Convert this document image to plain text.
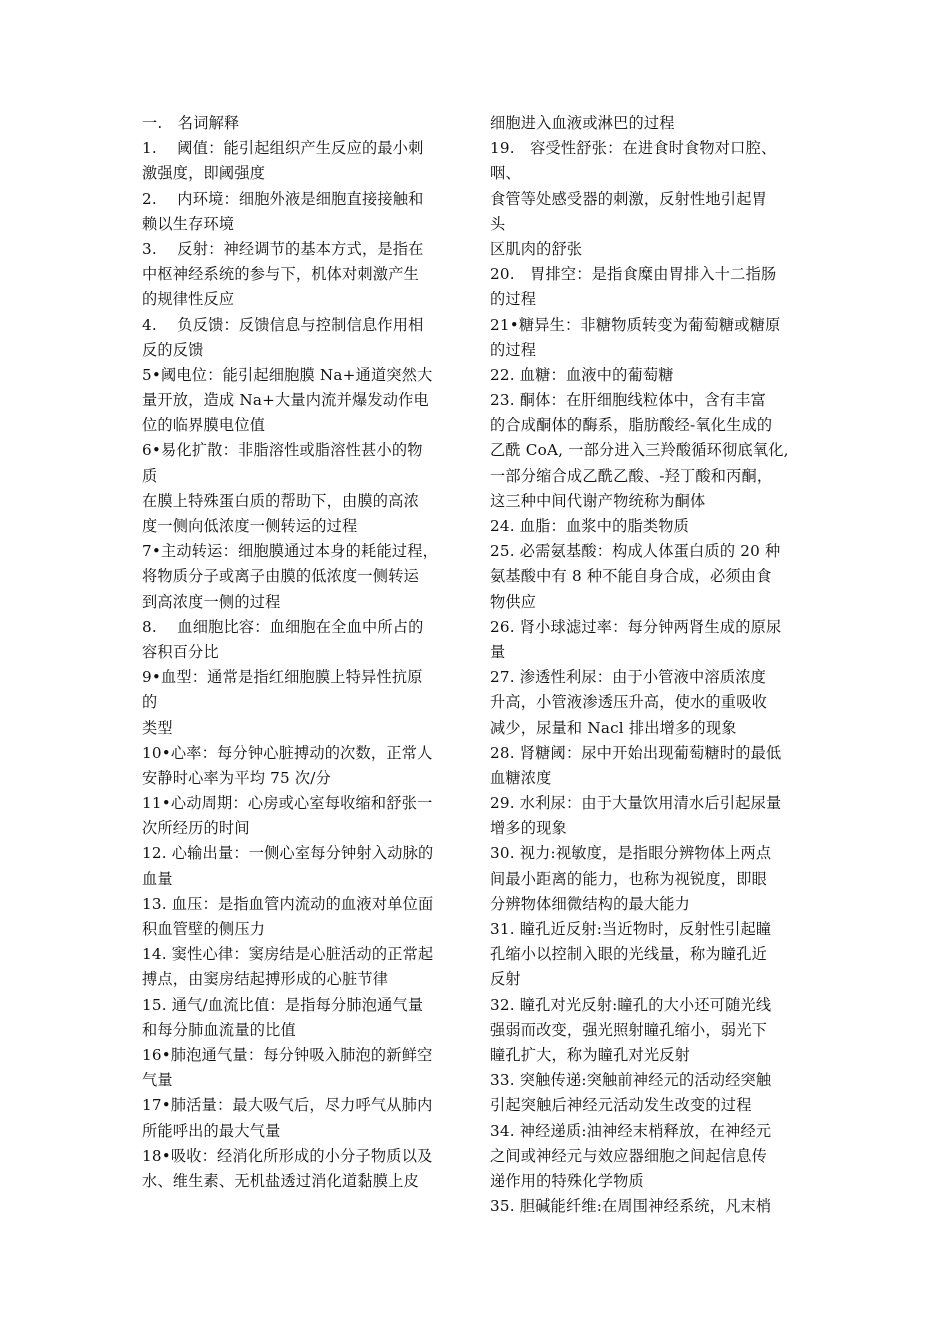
一.　名词解释
1.　 阈值：能引起组织产生反应的最小刺
激强度，即阈强度
2.　 内环境：细胞外液是细胞直接接触和
赖以生存环境
3.　 反射：神经调节的基本方式，是指在
中枢神经系统的参与下，机体对刺激产生
的规律性反应
4.　 负反馈：反馈信息与控制信息作用相
反的反馈
5•阈电位：能引起细胞膜 Na+通道突然大
量开放，造成 Na+大量内流并爆发动作电
位的临界膜电位值
6•易化扩散：非脂溶性或脂溶性甚小的物
质
在膜上特殊蛋白质的帮助下，由膜的高浓
度一侧向低浓度一侧转运的过程
7•主动转运：细胞膜通过本身的耗能过程，
将物质分子或离子由膜的低浓度一侧转运
到高浓度一侧的过程
8.　 血细胞比容：血细胞在全血中所占的
容积百分比
9•血型：通常是指红细胞膜上特异性抗原
的
类型
10•心率：每分钟心脏搏动的次数，正常人
安静时心率为平均 75 次/分
11•心动周期：心房或心室每收缩和舒张一
次所经历的时间
12. 心输出量：一侧心室每分钟射入动脉的
血量
13. 血压：是指血管内流动的血液对单位面
积血管壁的侧压力
14. 窦性心律：窦房结是心脏活动的正常起
搏点，由窦房结起搏形成的心脏节律
15. 通气/血流比值：是指每分肺泡通气量
和每分肺血流量的比值
16•肺泡通气量：每分钟吸入肺泡的新鲜空
气量
17•肺活量：最大吸气后，尽力呼气从肺内
所能呼出的最大气量
18•吸收：经消化所形成的小分子物质以及
水、维生素、无机盐透过消化道黏膜上皮
细胞进入血液或淋巴的过程
19.　容受性舒张：在进食时食物对口腔、
咽、
食管等处感受器的刺激，反射性地引起胃
头
区肌肉的舒张
20.　胃排空：是指食糜由胃排入十二指肠
的过程
21•糖异生：非糖物质转变为葡萄糖或糖原
的过程
22. 血糖：血液中的葡萄糖
23. 酮体：在肝细胞线粒体中，含有丰富
的合成酮体的酶系，脂肪酸经-氧化生成的
乙酰 CoA, 一部分进入三羚酸循环彻底氧化,
一部分缩合成乙酰乙酸、-羟丁酸和丙酮，
这三种中间代谢产物统称为酮体
24. 血脂：血浆中的脂类物质
25. 必需氨基酸：构成人体蛋白质的 20 种
氨基酸中有 8 种不能自身合成，必须由食
物供应
26. 肾小球滤过率：每分钟两肾生成的原尿
量
27. 渗透性利尿：由于小管液中溶质浓度
升高，小管液渗透压升高，使水的重吸收
减少，尿量和 Nacl 排出增多的现象
28. 肾糖阈：尿中开始出现葡萄糖时的最低
血糖浓度
29. 水利尿：由于大量饮用清水后引起尿量
增多的现象
30. 视力:视敏度，是指眼分辨物体上两点
间最小距离的能力，也称为视锐度，即眼
分辨物体细微结构的最大能力
31. 瞳孔近反射:当近物时，反射性引起瞳
孔缩小以控制入眼的光线量，称为瞳孔近
反射
32. 瞳孔对光反射:瞳孔的大小还可随光线
强弱而改变，强光照射瞳孔缩小，弱光下
瞳孔扩大，称为瞳孔对光反射
33. 突触传递:突触前神经元的活动经突触
引起突触后神经元活动发生改变的过程
34. 神经递质:油神经末梢释放，在神经元
之间或神经元与效应器细胞之间起信息传
递作用的特殊化学物质
35. 胆碱能纤维:在周围神经系统，凡末梢
